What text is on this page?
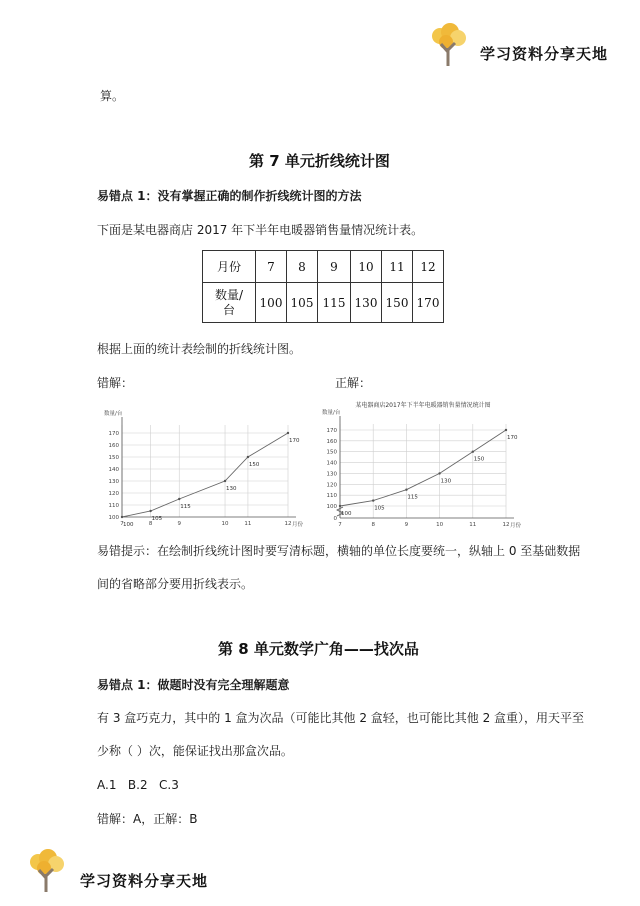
学习资料分享天地
算。
第 7 单元折线统计图
易错点 1：没有掌握正确的制作折线统计图的方法
下面是某电器商店 2017 年下半年电暖器销售量情况统计表。
月份	7	8	9	10	11	12
数量/
台	100	105	115	130	150	170
根据上面的统计表绘制的折线统计图。
错解：	正解：
100
110
120
130
140
150
160
170
数量/台
月份
7	8	9	10	11	12
100
105
115
130
150
170
0
100
110
120
130
140
150
160
170
数量/台
月份
7	8	9	10	11	12
100
105
115
130
150
170
某电器商店2017年下半年电暖器销售量情况统计图
易错提示：在绘制折线统计图时要写清标题，横轴的单位长度要统一，纵轴上 0 至基础数据
间的省略部分要用折线表示。
第 8 单元数学广角——找次品
易错点 1：做题时没有完全理解题意
有 3 盒巧克力，其中的 1 盒为次品（可能比其他 2 盒轻，也可能比其他 2 盒重），用天平至
少称（ ）次，能保证找出那盒次品。
A.1   B.2   C.3
错解：A，正解：B
学习资料分享天地
